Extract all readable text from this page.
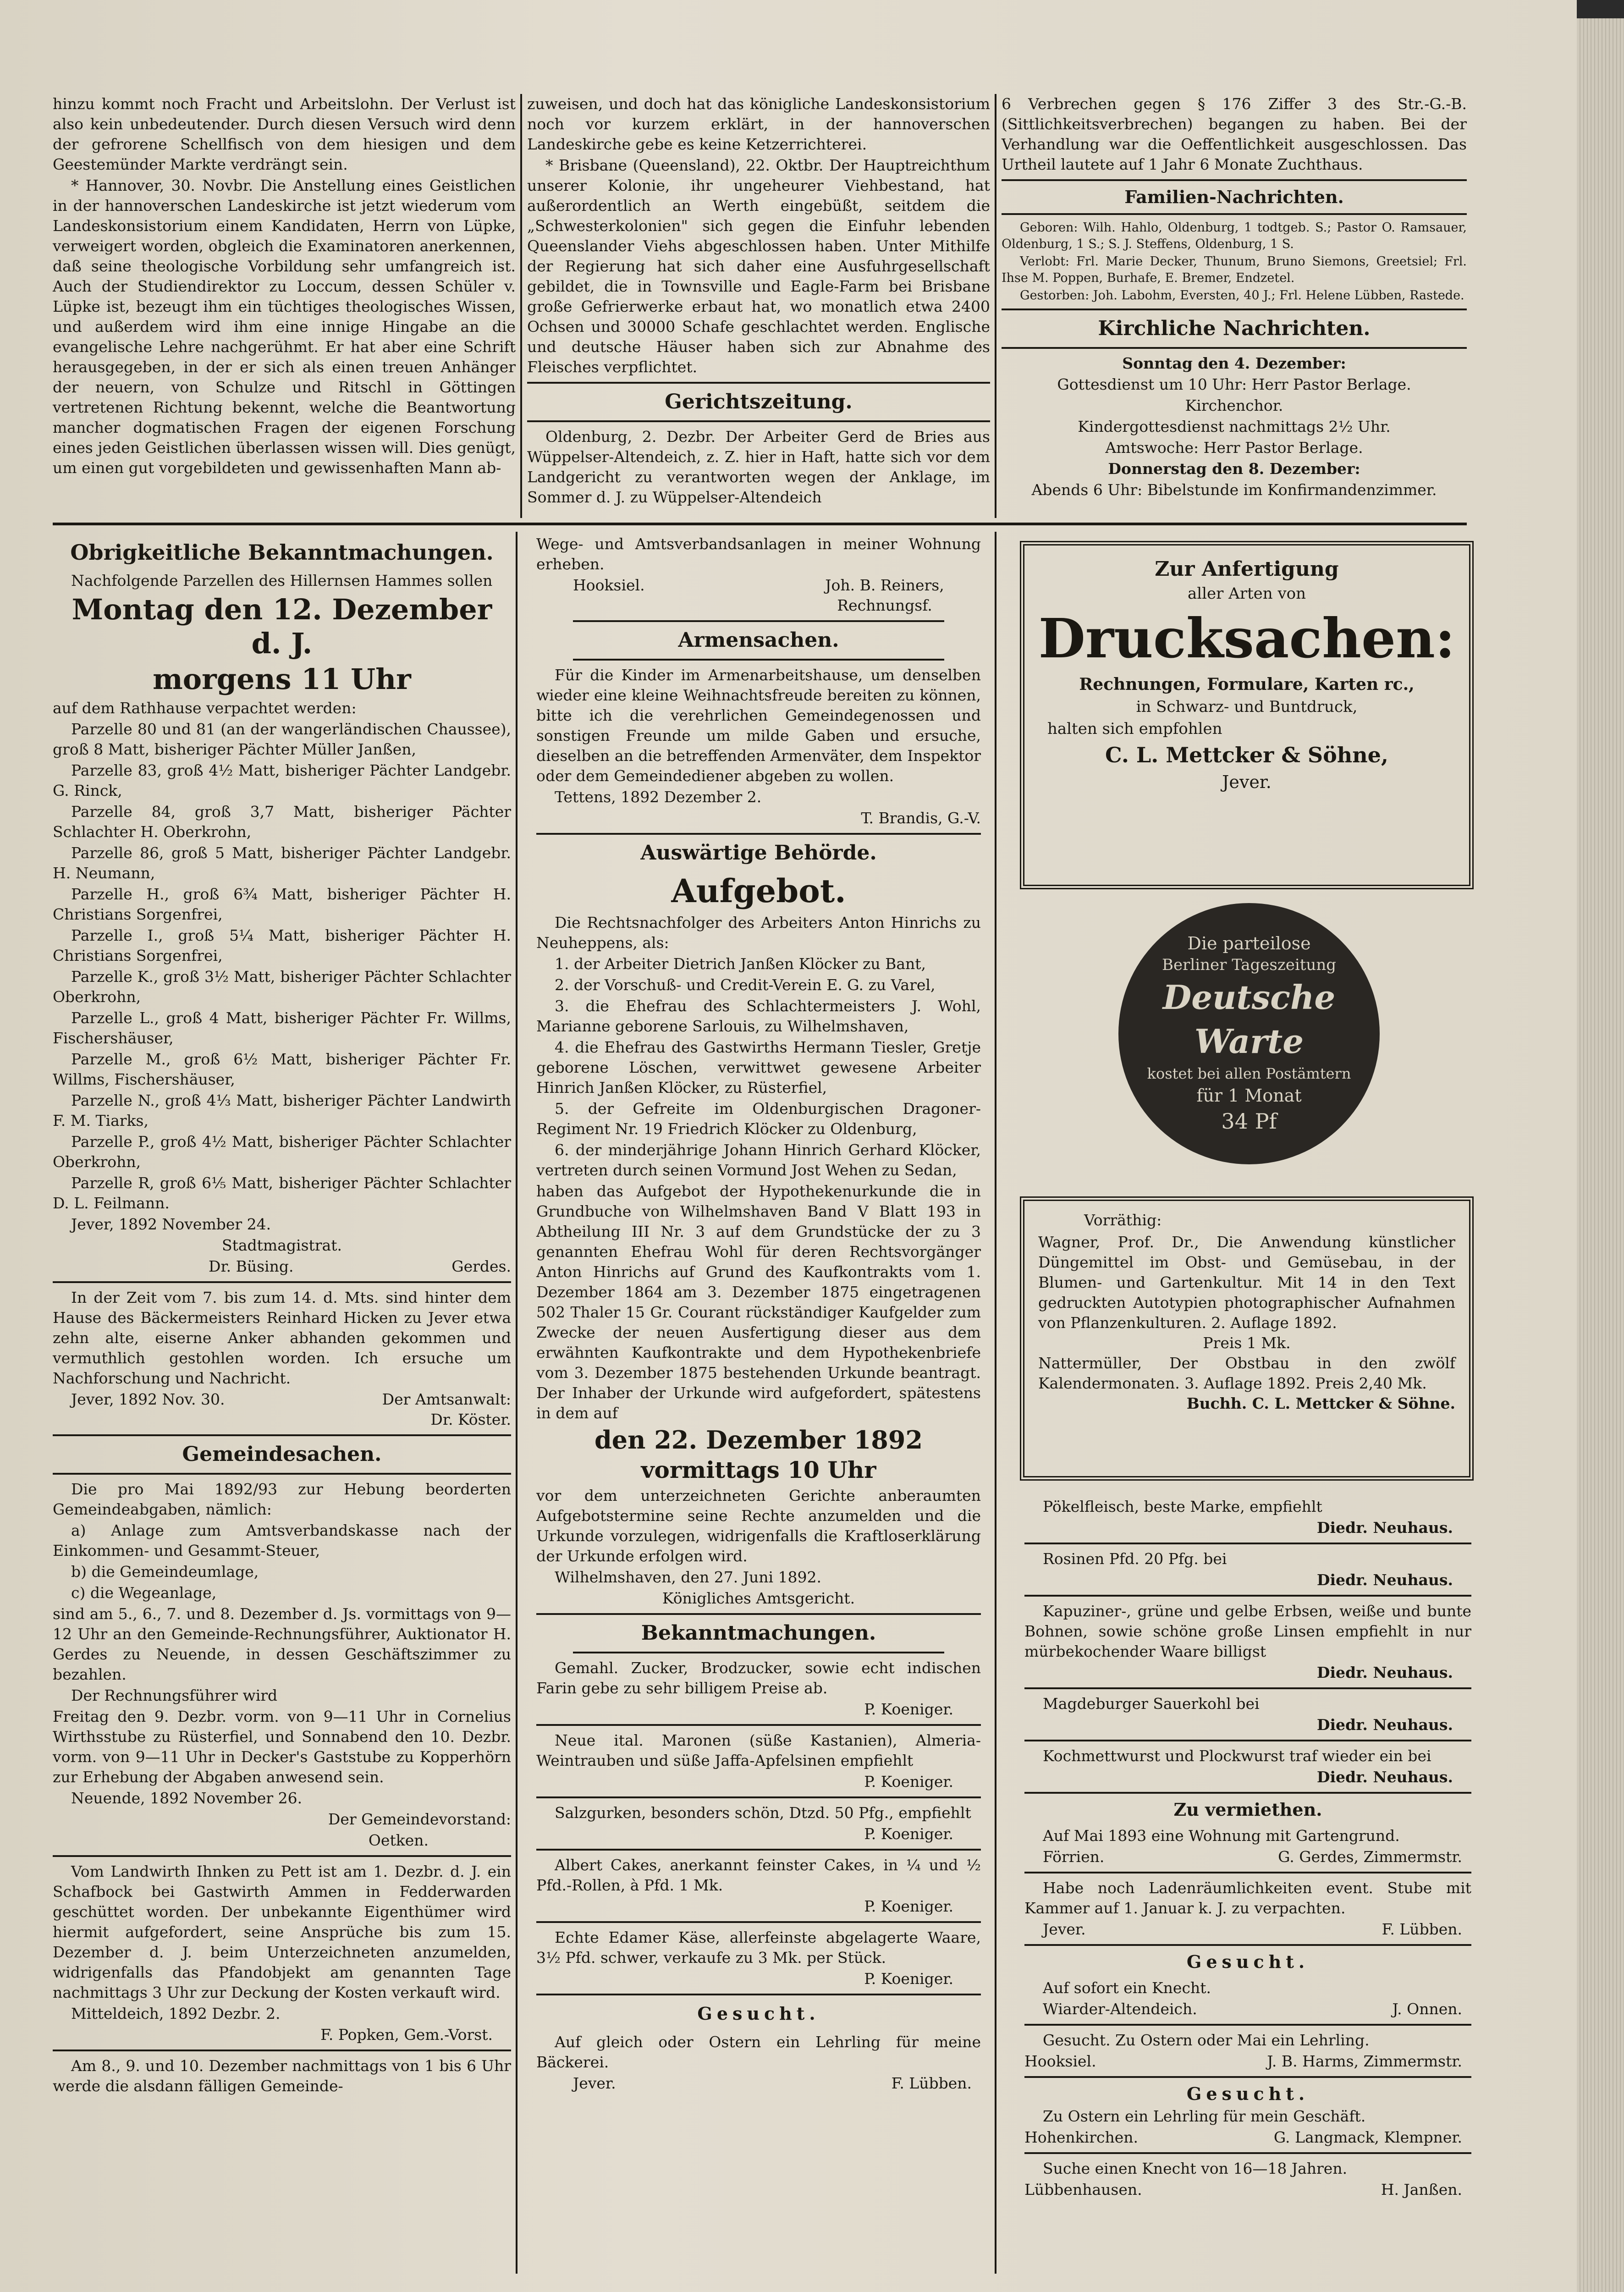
hinzu kommt noch Fracht und Arbeitslohn. Der Verlust ist also kein unbedeutender. Durch diesen Versuch wird denn der gefrorene Schellfisch von dem hiesigen und dem Geestemünder Markte verdrängt sein.

* Hannover, 30. Novbr. Die Anstellung eines Geistlichen in der hannoverschen Landeskirche ist jetzt wiederum vom Landeskonsistorium einem Kandidaten, Herrn von Lüpke, verweigert worden, obgleich die Examinatoren anerkennen, daß seine theologische Vorbildung sehr umfangreich ist. Auch der Studiendirektor zu Loccum, dessen Schüler v. Lüpke ist, bezeugt ihm ein tüchtiges theologisches Wissen, und außerdem wird ihm eine innige Hingabe an die evangelische Lehre nachgerühmt. Er hat aber eine Schrift herausgegeben, in der er sich als einen treuen Anhänger der neuern, von Schulze und Ritschl in Göttingen vertretenen Richtung bekennt, welche die Beantwortung mancher dogmatischen Fragen der eigenen Forschung eines jeden Geistlichen überlassen wissen will. Dies genügt, um einen gut vorgebildeten und gewissenhaften Mann ab-

zuweisen, und doch hat das königliche Landeskonsistorium noch vor kurzem erklärt, in der hannoverschen Landeskirche gebe es keine Ketzerrichterei.

* Brisbane (Queensland), 22. Oktbr. Der Hauptreichthum unserer Kolonie, ihr ungeheurer Viehbestand, hat außerordentlich an Werth eingebüßt, seitdem die „Schwesterkolonien" sich gegen die Einfuhr lebenden Queenslander Viehs abgeschlossen haben. Unter Mithilfe der Regierung hat sich daher eine Ausfuhrgesellschaft gebildet, die in Townsville und Eagle-Farm bei Brisbane große Gefrierwerke erbaut hat, wo monatlich etwa 2400 Ochsen und 30000 Schafe geschlachtet werden. Englische und deutsche Häuser haben sich zur Abnahme des Fleisches verpflichtet.

Gerichtszeitung.

Oldenburg, 2. Dezbr. Der Arbeiter Gerd de Bries aus Wüppelser-Altendeich, z. Z. hier in Haft, hatte sich vor dem Landgericht zu verantworten wegen der Anklage, im Sommer d. J. zu Wüppelser-Altendeich

6 Verbrechen gegen § 176 Ziffer 3 des Str.-G.-B. (Sittlichkeitsverbrechen) begangen zu haben. Bei der Verhandlung war die Oeffentlichkeit ausgeschlossen. Das Urtheil lautete auf 1 Jahr 6 Monate Zuchthaus.

Familien-Nachrichten.

Geboren: Wilh. Hahlo, Oldenburg, 1 todtgeb. S.; Pastor O. Ramsauer, Oldenburg, 1 S.; S. J. Steffens, Oldenburg, 1 S.

Verlobt: Frl. Marie Decker, Thunum, Bruno Siemons, Greetsiel; Frl. Ihse M. Poppen, Burhafe, E. Bremer, Endzetel.

Gestorben: Joh. Labohm, Eversten, 40 J.; Frl. Helene Lübben, Rastede.

Kirchliche Nachrichten.

Sonntag den 4. Dezember:

Gottesdienst um 10 Uhr: Herr Pastor Berlage.

Kirchenchor.

Kindergottesdienst nachmittags 2½ Uhr.

Amtswoche: Herr Pastor Berlage.

Donnerstag den 8. Dezember:

Abends 6 Uhr: Bibelstunde im Konfirmandenzimmer.

Obrigkeitliche Bekanntmachungen.

Nachfolgende Parzellen des Hillernsen Hammes sollen

Montag den 12. Dezember d. J.
morgens 11 Uhr

auf dem Rathhause verpachtet werden:

Parzelle 80 und 81 (an der wangerländischen Chaussee), groß 8 Matt, bisheriger Pächter Müller Janßen,

Parzelle 83, groß 4½ Matt, bisheriger Pächter Landgebr. G. Rinck,

Parzelle 84, groß 3,7 Matt, bisheriger Pächter Schlachter H. Oberkrohn,

Parzelle 86, groß 5 Matt, bisheriger Pächter Landgebr. H. Neumann,

Parzelle H., groß 6¾ Matt, bisheriger Pächter H. Christians Sorgenfrei,

Parzelle I., groß 5¼ Matt, bisheriger Pächter H. Christians Sorgenfrei,

Parzelle K., groß 3½ Matt, bisheriger Pächter Schlachter Oberkrohn,

Parzelle L., groß 4 Matt, bisheriger Pächter Fr. Willms, Fischershäuser,

Parzelle M., groß 6½ Matt, bisheriger Pächter Fr. Willms, Fischershäuser,

Parzelle N., groß 4⅓ Matt, bisheriger Pächter Landwirth F. M. Tiarks,

Parzelle P., groß 4½ Matt, bisheriger Pächter Schlachter Oberkrohn,

Parzelle R, groß 6⅕ Matt, bisheriger Pächter Schlachter D. L. Feilmann.

Jever, 1892 November 24.

Stadtmagistrat.

Dr. Büsing.	Gerdes.

In der Zeit vom 7. bis zum 14. d. Mts. sind hinter dem Hause des Bäckermeisters Reinhard Hicken zu Jever etwa zehn alte, eiserne Anker abhanden gekommen und vermuthlich gestohlen worden. Ich ersuche um Nachforschung und Nachricht.

Jever, 1892 Nov. 30.	Der Amtsanwalt:

Dr. Köster.

Gemeindesachen.

Die pro Mai 1892/93 zur Hebung beorderten Gemeindeabgaben, nämlich:

a) Anlage zum Amtsverbandskasse nach der Einkommen- und Gesammt-Steuer,

b) die Gemeindeumlage,

c) die Wegeanlage,

sind am 5., 6., 7. und 8. Dezember d. Js. vormittags von 9—12 Uhr an den Gemeinde-Rechnungsführer, Auktionator H. Gerdes zu Neuende, in dessen Geschäftszimmer zu bezahlen.

Der Rechnungsführer wird

Freitag den 9. Dezbr. vorm. von 9—11 Uhr in Cornelius Wirthsstube zu Rüsterfiel, und Sonnabend den 10. Dezbr. vorm. von 9—11 Uhr in Decker's Gaststube zu Kopperhörn zur Erhebung der Abgaben anwesend sein.

Neuende, 1892 November 26.

Der Gemeindevorstand:

Oetken.

Vom Landwirth Ihnken zu Pett ist am 1. Dezbr. d. J. ein Schafbock bei Gastwirth Ammen in Fedderwarden geschüttet worden. Der unbekannte Eigenthümer wird hiermit aufgefordert, seine Ansprüche bis zum 15. Dezember d. J. beim Unterzeichneten anzumelden, widrigenfalls das Pfandobjekt am genannten Tage nachmittags 3 Uhr zur Deckung der Kosten verkauft wird.

Mitteldeich, 1892 Dezbr. 2.

F. Popken, Gem.-Vorst.

Am 8., 9. und 10. Dezember nachmittags von 1 bis 6 Uhr werde die alsdann fälligen Gemeinde-

Wege- und Amtsverbandsanlagen in meiner Wohnung erheben.

Hooksiel.	Joh. B. Reiners, Rechnungsf.
Armensachen.

Für die Kinder im Armenarbeitshause, um denselben wieder eine kleine Weihnachtsfreude bereiten zu können, bitte ich die verehrlichen Gemeindegenossen und sonstigen Freunde um milde Gaben und ersuche, dieselben an die betreffenden Armenväter, dem Inspektor oder dem Gemeindediener abgeben zu wollen.

Tettens, 1892 Dezember 2.

T. Brandis, G.-V.

Auswärtige Behörde.
Aufgebot.

Die Rechtsnachfolger des Arbeiters Anton Hinrichs zu Neuheppens, als:

1. der Arbeiter Dietrich Janßen Klöcker zu Bant,

2. der Vorschuß- und Credit-Verein E. G. zu Varel,

3. die Ehefrau des Schlachtermeisters J. Wohl, Marianne geborene Sarlouis, zu Wilhelmshaven,

4. die Ehefrau des Gastwirths Hermann Tiesler, Gretje geborene Löschen, verwittwet gewesene Arbeiter Hinrich Janßen Klöcker, zu Rüsterfiel,

5. der Gefreite im Oldenburgischen Dragoner-Regiment Nr. 19 Friedrich Klöcker zu Oldenburg,

6. der minderjährige Johann Hinrich Gerhard Klöcker, vertreten durch seinen Vormund Jost Wehen zu Sedan,

haben das Aufgebot der Hypothekenurkunde die in Grundbuche von Wilhelmshaven Band V Blatt 193 in Abtheilung III Nr. 3 auf dem Grundstücke der zu 3 genannten Ehefrau Wohl für deren Rechtsvorgänger Anton Hinrichs auf Grund des Kaufkontrakts vom 1. Dezember 1864 am 3. Dezember 1875 eingetragenen 502 Thaler 15 Gr. Courant rückständiger Kaufgelder zum Zwecke der neuen Ausfertigung dieser aus dem erwähnten Kaufkontrakte und dem Hypothekenbriefe vom 3. Dezember 1875 bestehenden Urkunde beantragt. Der Inhaber der Urkunde wird aufgefordert, spätestens in dem auf

den 22. Dezember 1892
vormittags 10 Uhr

vor dem unterzeichneten Gerichte anberaumten Aufgebotstermine seine Rechte anzumelden und die Urkunde vorzulegen, widrigenfalls die Kraftloserklärung der Urkunde erfolgen wird.

Wilhelmshaven, den 27. Juni 1892.

Königliches Amtsgericht.

Bekanntmachungen.

Gemahl. Zucker, Brodzucker, sowie echt indischen Farin gebe zu sehr billigem Preise ab.

P. Koeniger.

Neue ital. Maronen (süße Kastanien), Almeria-Weintrauben und süße Jaffa-Apfelsinen empfiehlt

P. Koeniger.

Salzgurken, besonders schön, Dtzd. 50 Pfg., empfiehlt

P. Koeniger.

Albert Cakes, anerkannt feinster Cakes, in ¼ und ½ Pfd.-Rollen, à Pfd. 1 Mk.

P. Koeniger.

Echte Edamer Käse, allerfeinste abgelagerte Waare, 3½ Pfd. schwer, verkaufe zu 3 Mk. per Stück.

P. Koeniger.

Gesucht.

Auf gleich oder Ostern ein Lehrling für meine Bäckerei.

Jever.	F. Lübben.
Zur Anfertigung
aller Arten von
Drucksachen:
Rechnungen, Formulare, Karten rc.,
in Schwarz- und Buntdruck,
halten sich empfohlen
C. L. Mettcker & Söhne,
Jever.
Die parteilose
Berliner Tageszeitung
Deutsche Warte
kostet bei allen Postämtern
für 1 Monat
34 Pf
Vorräthig:
Wagner, Prof. Dr., Die Anwendung künstlicher Düngemittel im Obst- und Gemüsebau, in der Blumen- und Gartenkultur. Mit 14 in den Text gedruckten Autotypien photographischer Aufnahmen von Pflanzenkulturen. 2. Auflage 1892.
Preis 1 Mk.
Nattermüller, Der Obstbau in den zwölf Kalendermonaten. 3. Auflage 1892. Preis 2,40 Mk.
Buchh. C. L. Mettcker & Söhne.

Pökelfleisch, beste Marke, empfiehlt

Diedr. Neuhaus.

Rosinen Pfd. 20 Pfg. bei

Diedr. Neuhaus.

Kapuziner-, grüne und gelbe Erbsen, weiße und bunte Bohnen, sowie schöne große Linsen empfiehlt in nur mürbekochender Waare billigst

Diedr. Neuhaus.

Magdeburger Sauerkohl bei

Diedr. Neuhaus.

Kochmettwurst und Plockwurst traf wieder ein bei

Diedr. Neuhaus.

Zu vermiethen.

Auf Mai 1893 eine Wohnung mit Gartengrund.

Förrien.	G. Gerdes, Zimmermstr.

Habe noch Ladenräumlichkeiten event. Stube mit Kammer auf 1. Januar k. J. zu verpachten.

Jever.	F. Lübben.
Gesucht.

Auf sofort ein Knecht.

Wiarder-Altendeich.	J. Onnen.

Gesucht. Zu Ostern oder Mai ein Lehrling.

Hooksiel.	J. B. Harms, Zimmermstr.
Gesucht.

Zu Ostern ein Lehrling für mein Geschäft.

Hohenkirchen.	G. Langmack, Klempner.

Suche einen Knecht von 16—18 Jahren.

Lübbenhausen.	H. Janßen.
